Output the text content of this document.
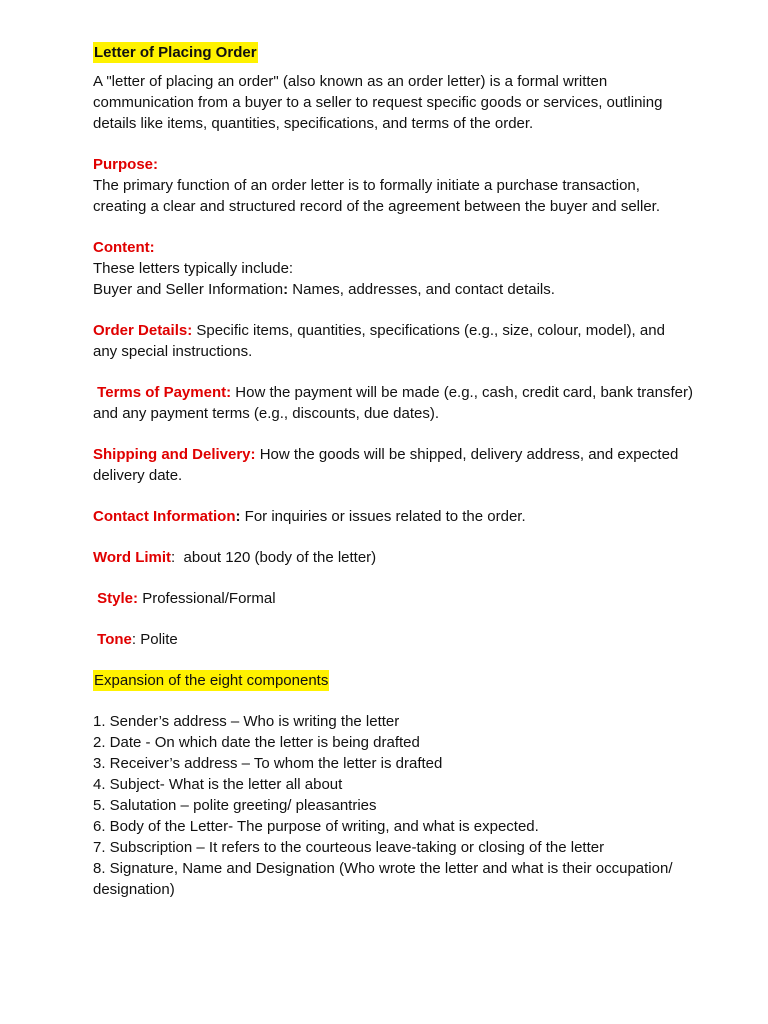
Letter of Placing Order

A "letter of placing an order" (also known as an order letter) is a formal written communication from a buyer to a seller to request specific goods or services, outlining details like items, quantities, specifications, and terms of the order.

Purpose:

The primary function of an order letter is to formally initiate a purchase transaction, creating a clear and structured record of the agreement between the buyer and seller.

Content:
These letters typically include:
Buyer and Seller Information: Names, addresses, and contact details.

Order Details: Specific items, quantities, specifications (e.g., size, colour, model), and any special instructions.

Terms of Payment: How the payment will be made (e.g., cash, credit card, bank transfer) and any payment terms (e.g., discounts, due dates).

Shipping and Delivery: How the goods will be shipped, delivery address, and expected delivery date.

Contact Information: For inquiries or issues related to the order.

Word Limit:  about 120 (body of the letter)

Style: Professional/Formal

Tone: Polite

Expansion of the eight components
1. Sender’s address – Who is writing the letter
2. Date - On which date the letter is being drafted
3. Receiver’s address – To whom the letter is drafted
4. Subject- What is the letter all about
5. Salutation – polite greeting/ pleasantries
6. Body of the Letter- The purpose of writing, and what is expected.
7. Subscription – It refers to the courteous leave-taking or closing of the letter
8. Signature, Name and Designation (Who wrote the letter and what is their occupation/ designation)
